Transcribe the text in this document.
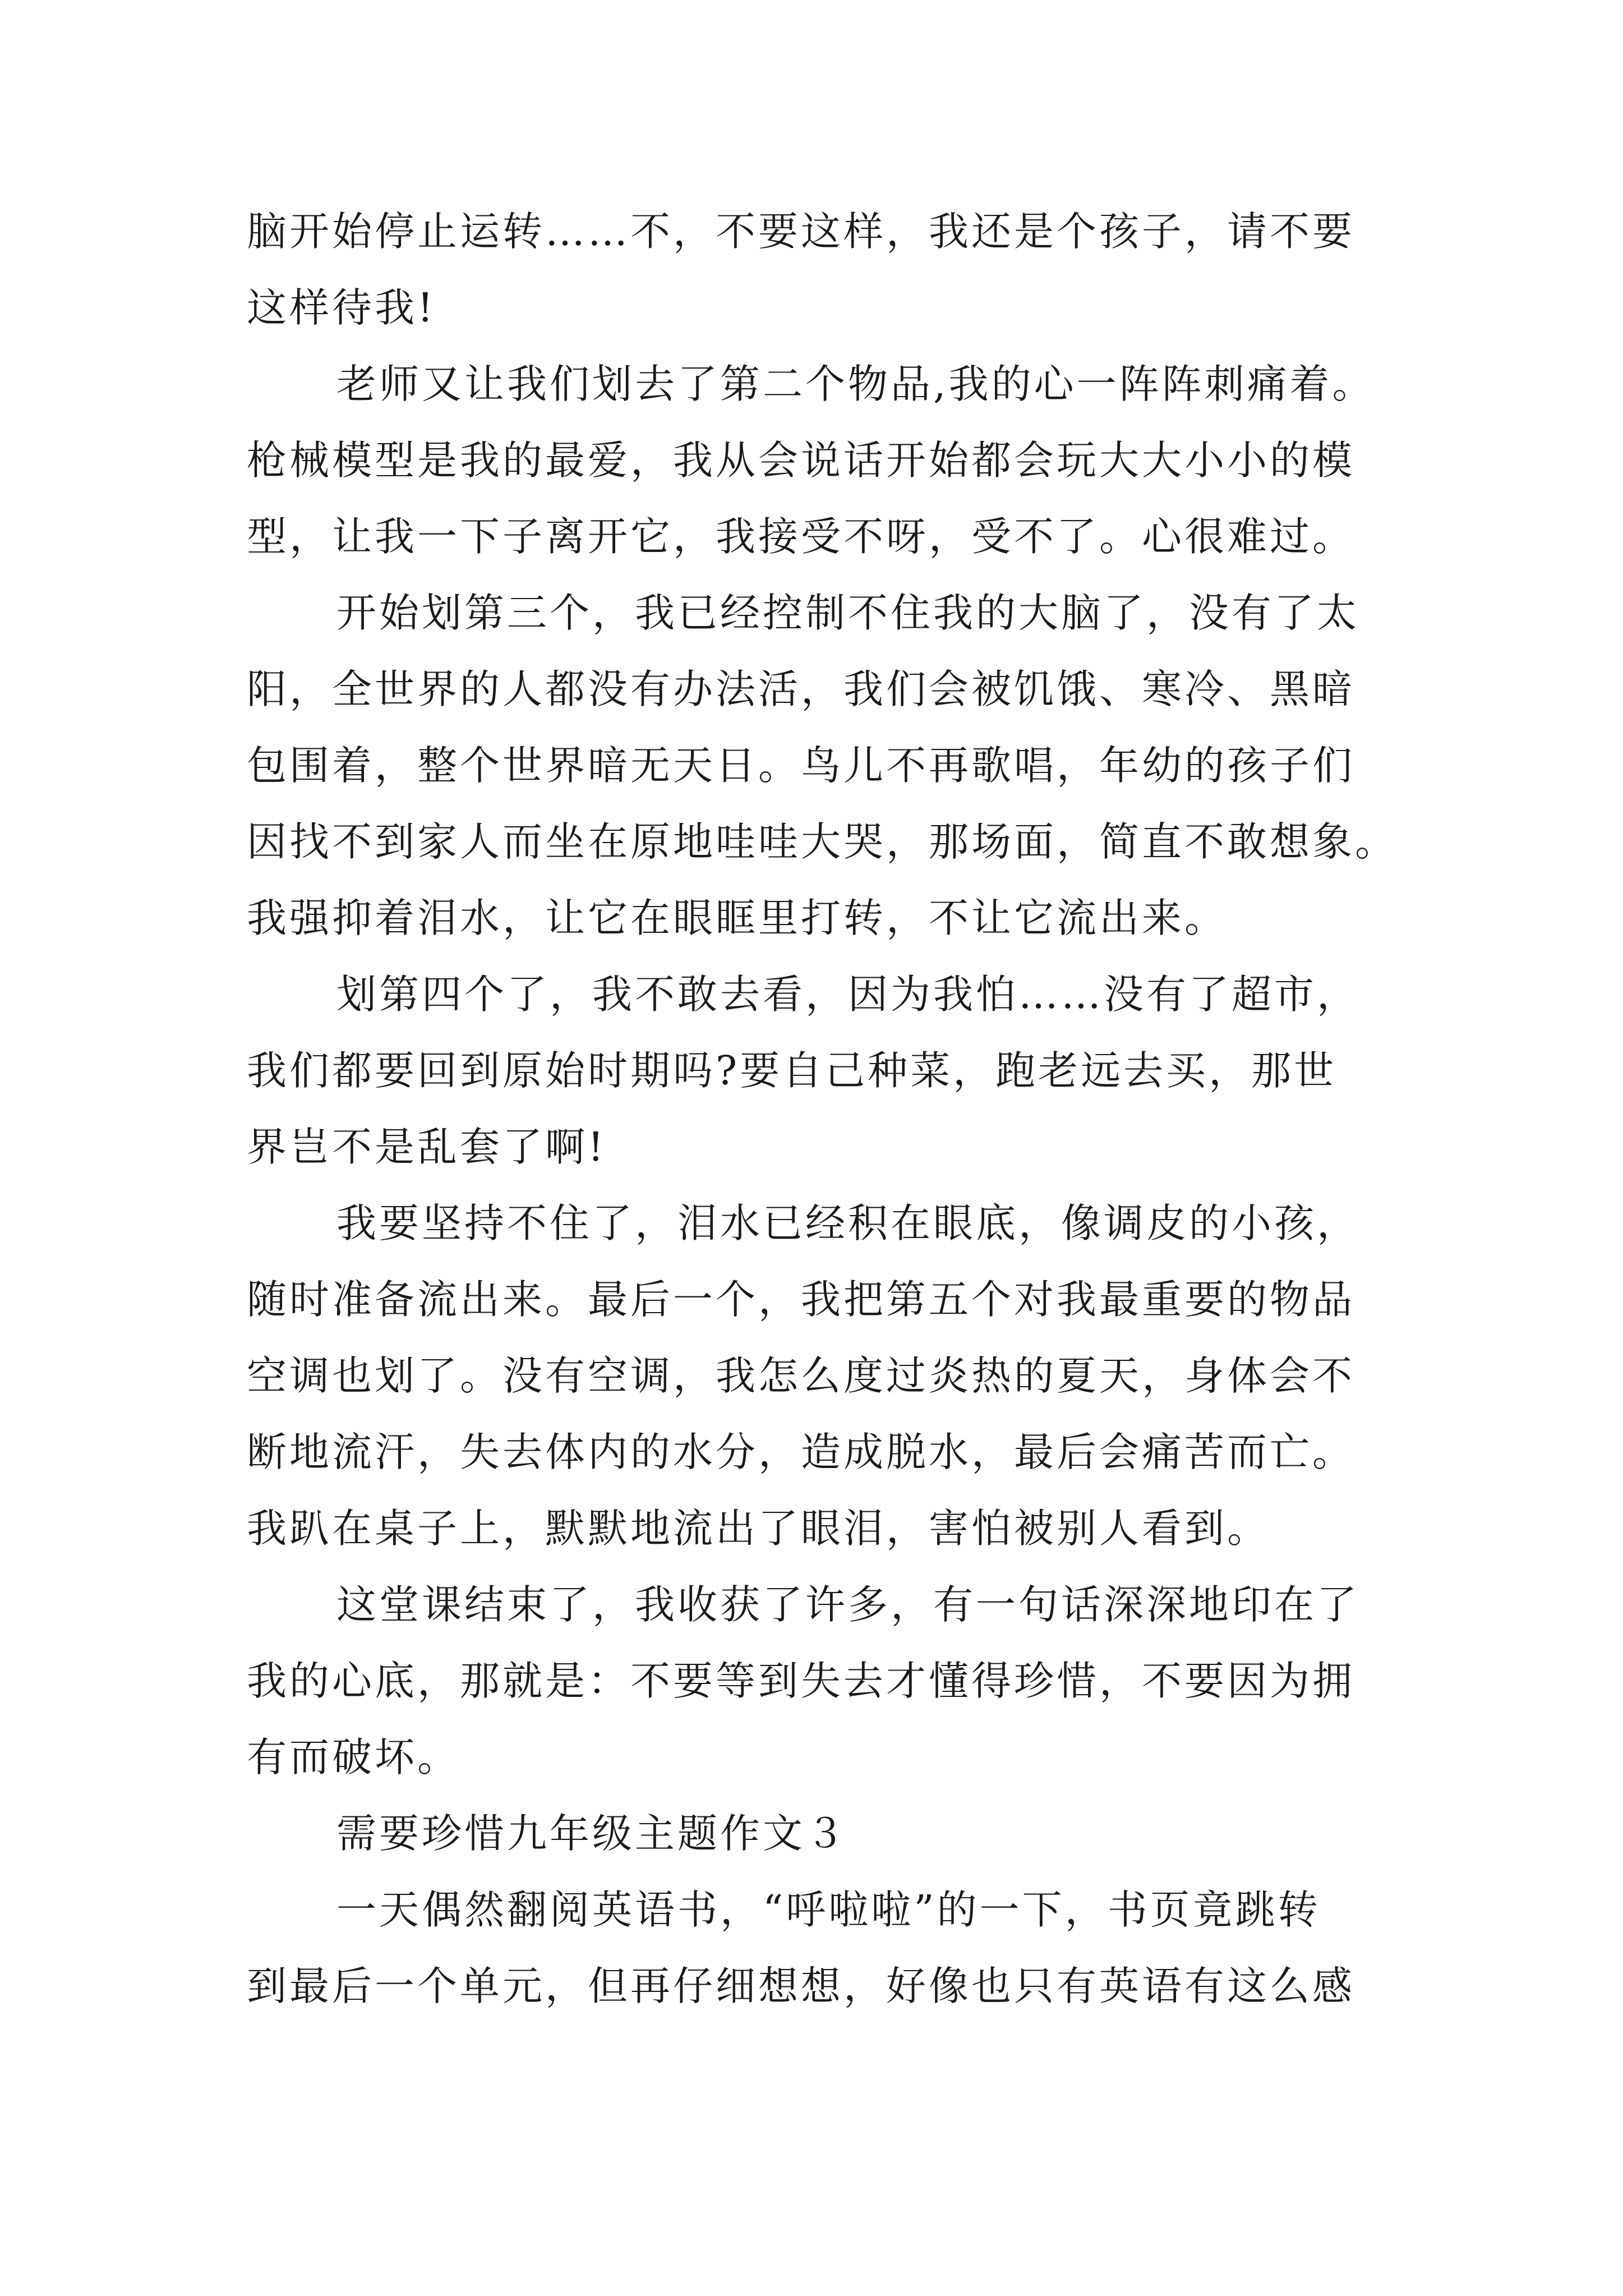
脑开始停止运转……不，不要这样，我还是个孩子，请不要
这样待我!
老师又让我们划去了第二个物品,我的心一阵阵刺痛着。
枪械模型是我的最爱，我从会说话开始都会玩大大小小的模
型，让我一下子离开它，我接受不呀，受不了。心很难过。
开始划第三个，我已经控制不住我的大脑了，没有了太
阳，全世界的人都没有办法活，我们会被饥饿、寒冷、黑暗
包围着，整个世界暗无天日。鸟儿不再歌唱，年幼的孩子们
因找不到家人而坐在原地哇哇大哭，那场面，简直不敢想象。
我强抑着泪水，让它在眼眶里打转，不让它流出来。
划第四个了，我不敢去看，因为我怕……没有了超市，
我们都要回到原始时期吗?要自己种菜，跑老远去买，那世
界岂不是乱套了啊!
我要坚持不住了，泪水已经积在眼底，像调皮的小孩，
随时准备流出来。最后一个，我把第五个对我最重要的物品
空调也划了。没有空调，我怎么度过炎热的夏天，身体会不
断地流汗，失去体内的水分，造成脱水，最后会痛苦而亡。
我趴在桌子上，默默地流出了眼泪，害怕被别人看到。
这堂课结束了，我收获了许多，有一句话深深地印在了
我的心底，那就是：不要等到失去才懂得珍惜，不要因为拥
有而破坏。
需要珍惜九年级主题作文３
一天偶然翻阅英语书，“呼啦啦”的一下，书页竟跳转
到最后一个单元，但再仔细想想，好像也只有英语有这么感
